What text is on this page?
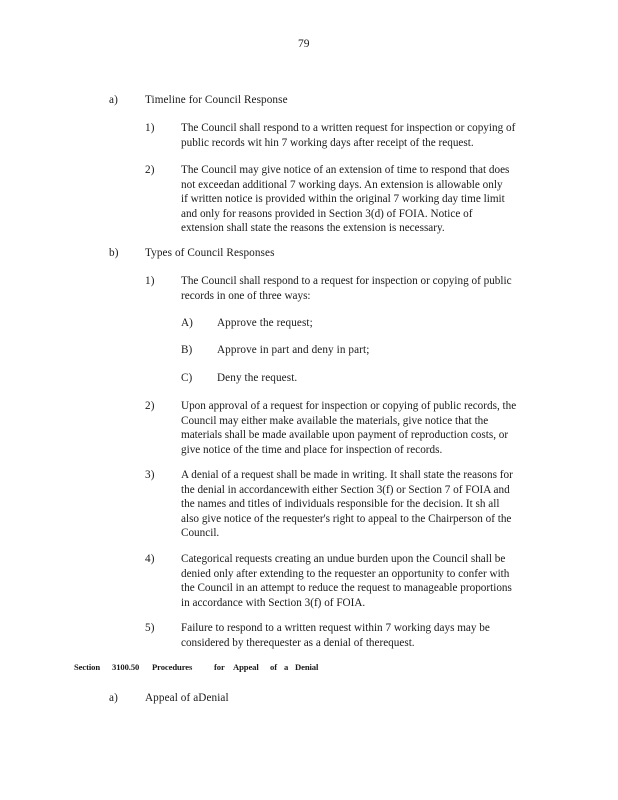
79
a) Timeline for Council Response
1) The Council shall respond to a written request for inspection or copying of
public records wit hin 7 working days after receipt of the request.
2) The Council may give notice of an extension of time to respond that does
not exceedan additional 7 working days. An extension is allowable only
if written notice is provided within the original 7 working day time limit
and only for reasons provided in Section 3(d) of FOIA. Notice of
extension shall state the reasons the extension is necessary.
b) Types of Council Responses
1) The Council shall respond to a request for inspection or copying of public
records in one of three ways:
A) Approve the request;
B) Approve in part and deny in part;
C) Deny the request.
2) Upon approval of a request for inspection or copying of public records, the
Council may either make available the materials, give notice that the
materials shall be made available upon payment of reproduction costs, or
give notice of the time and place for inspection of records.
3) A denial of a request shall be made in writing. It shall state the reasons for
the denial in accordancewith either Section 3(f) or Section 7 of FOIA and
the names and titles of individuals responsible for the decision. It sh all
also give notice of the requester's right to appeal to the Chairperson of the
Council.
4) Categorical requests creating an undue burden upon the Council shall be
denied only after extending to the requester an opportunity to confer with
the Council in an attempt to reduce the request to manageable proportions
in accordance with Section 3(f) of FOIA.
5) Failure to respond to a written request within 7 working days may be
considered by therequester as a denial of therequest.
Section 3100.50 Procedures	for Appeal of a Denial
a) Appeal of aDenial
